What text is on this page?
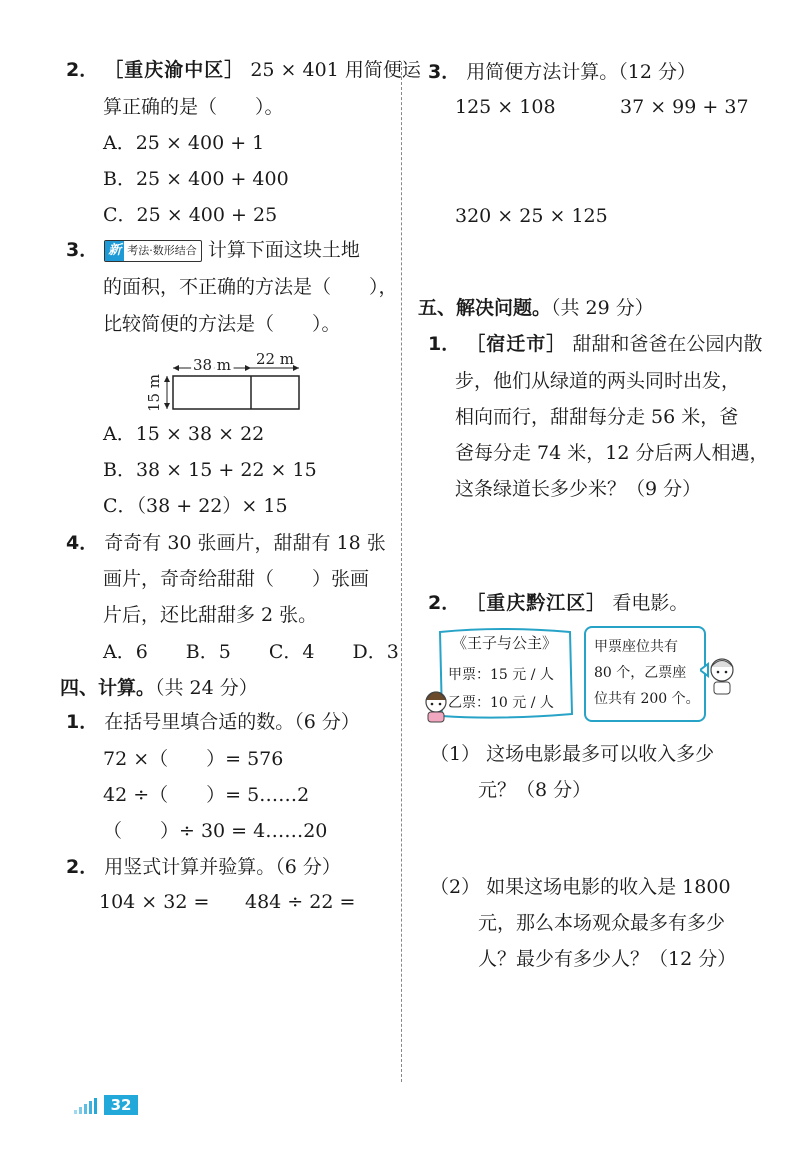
2． ［重庆渝中区］ 25 × 401 用简便运
算正确的是（　　）。
A．25 × 400 + 1
B．25 × 400 + 400
C．25 × 400 + 25
3． 新 考法·数形结合 计算下面这块土地
的面积，不正确的方法是（　　），
比较简便的方法是（　　）。
38 m 22 m
15 m
A．15 × 38 × 22
B．38 × 15 + 22 × 15
C．（38 + 22）× 15
4． 奇奇有 30 张画片，甜甜有 18 张
画片，奇奇给甜甜（　　）张画
片后，还比甜甜多 2 张。
A．6　　B．5　　C．4　　D．3
四、计算。（共 24 分）
1． 在括号里填合适的数。（6 分）
72 ×（　　）= 576
42 ÷（　　）= 5……2
（　　）÷ 30 = 4……20
2． 用竖式计算并验算。（6 分）
104 × 32 = 484 ÷ 22 =
3． 用简便方法计算。（12 分）
125 × 108	37 × 99 + 37
320 × 25 × 125
五、解决问题。（共 29 分）
1． ［宿迁市］ 甜甜和爸爸在公园内散
步，他们从绿道的两头同时出发，
相向而行，甜甜每分走 56 米，爸
爸每分走 74 米，12 分后两人相遇，
这条绿道长多少米？（9 分）
2． ［重庆黔江区］ 看电影。
《王子与公主》
甲票：15 元 / 人
乙票：10 元 / 人
甲票座位共有
80 个，乙票座
位共有 200 个。
（1） 这场电影最多可以收入多少
元？（8 分）
（2） 如果这场电影的收入是 1800
元，那么本场观众最多有多少
人？最少有多少人？（12 分）
32
